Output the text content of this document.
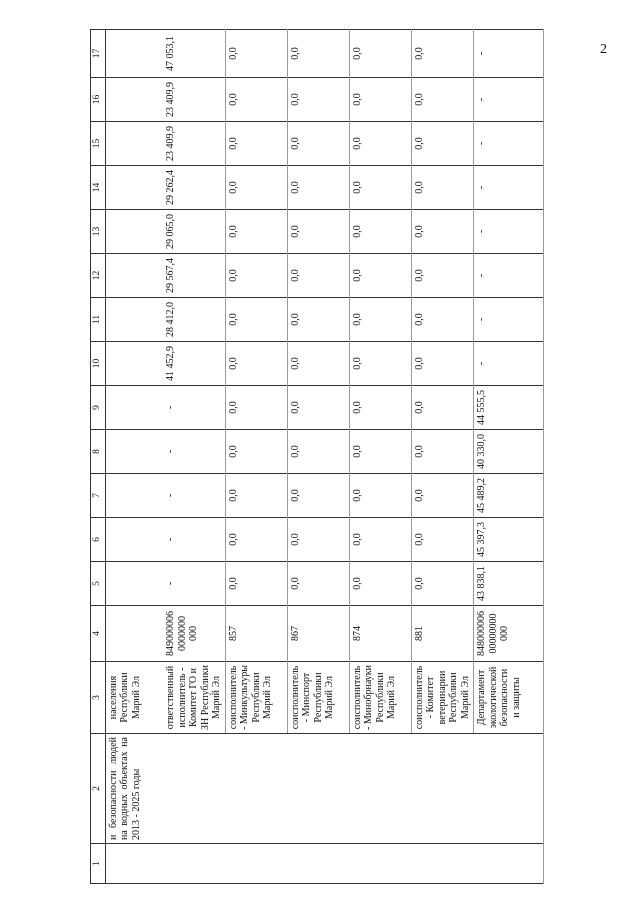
2
1	2	3	4	5	6	7	8	9	10	11	12	13	14	15	16	17
	и безопасности людей на водных объектах на 2013 - 2025 годы	населения Республики Марий Эл														
		ответственный исполнитель - Комитет ГО и ЗН Республики Марий Эл	849000006 0000000 000	-	-	-	-	-	41 452,9	28 412,0	29 567,4	29 065,0	29 262,4	23 409,9	23 409,9	47 053,1
		соисполнитель - Минкультуры Республики Марий Эл	857	0,0	0,0	0,0	0,0	0,0	0,0	0,0	0,0	0,0	0,0	0,0	0,0	0,0
		соисполнитель - Минспорт Республики Марий Эл	867	0,0	0,0	0,0	0,0	0,0	0,0	0,0	0,0	0,0	0,0	0,0	0,0	0,0
		соисполнитель - Минобрнауки Республики Марий Эл	874	0,0	0,0	0,0	0,0	0,0	0,0	0,0	0,0	0,0	0,0	0,0	0,0	0,0
		соисполнитель - Комитет ветеринарии Республики Марий Эл	881	0,0	0,0	0,0	0,0	0,0	0,0	0,0	0,0	0,0	0,0	0,0	0,0	0,0
		Департамент экологической безопасности и защиты	848000006 00000000 000	43 838,1	45 397,3	45 489,2	40 330,0	44 555,5	-	-	-	-	-	-	-	-
